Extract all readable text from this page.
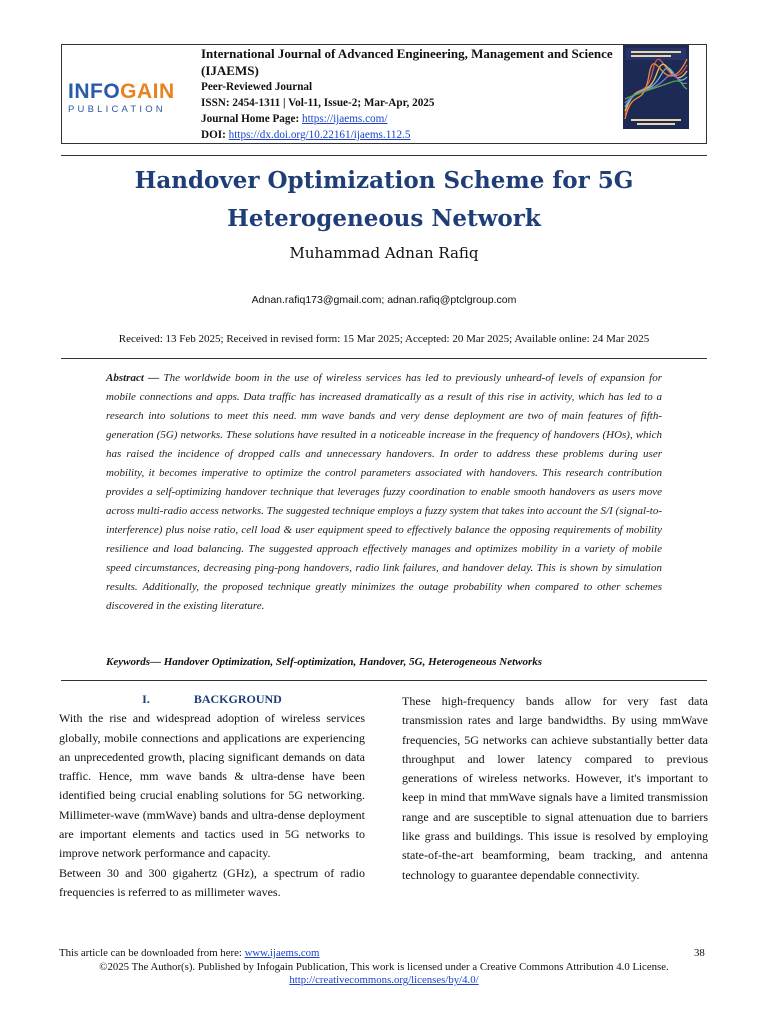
INFOGAIN
PUBLICATION
International Journal of Advanced Engineering, Management and Science (IJAEMS)
Peer-Reviewed Journal
ISSN: 2454-1311 | Vol-11, Issue-2; Mar-Apr, 2025
Journal Home Page: https://ijaems.com/
DOI: https://dx.doi.org/10.22161/ijaems.112.5
Handover Optimization Scheme for 5G Heterogeneous Network
Muhammad Adnan Rafiq
Adnan.rafiq173@gmail.com; adnan.rafiq@ptclgroup.com
Received: 13 Feb 2025; Received in revised form: 15 Mar 2025; Accepted: 20 Mar 2025; Available online: 24 Mar 2025
Abstract — The worldwide boom in the use of wireless services has led to previously unheard-of levels of expansion for mobile connections and apps. Data traffic has increased dramatically as a result of this rise in activity, which has led to a research into solutions to meet this need. mm wave bands and very dense deployment are two of main features of fifth-generation (5G) networks. These solutions have resulted in a noticeable increase in the frequency of handovers (HOs), which has raised the incidence of dropped calls and unnecessary handovers. In order to address these problems during user mobility, it becomes imperative to optimize the control parameters associated with handovers. This research contribution provides a self-optimizing handover technique that leverages fuzzy coordination to enable smooth handovers as users move across multi-radio access networks. The suggested technique employs a fuzzy system that takes into account the S/I (signal-to-interference) plus noise ratio, cell load & user equipment speed to effectively balance the opposing requirements of mobility resilience and load balancing. The suggested approach effectively manages and optimizes mobility in a variety of mobile speed circumstances, decreasing ping-pong handovers, radio link failures, and handover delay. This is shown by simulation results. Additionally, the proposed technique greatly minimizes the outage probability when compared to other schemes discovered in the existing literature.
Keywords— Handover Optimization, Self-optimization, Handover, 5G, Heterogeneous Networks
I.	BACKGROUND

With the rise and widespread adoption of wireless services globally, mobile connections and applications are experiencing an unprecedented growth, placing significant demands on data traffic. Hence, mm wave bands & ultra-dense have been identified being crucial enabling solutions for 5G networking. Millimeter-wave (mmWave) bands and ultra-dense deployment are important elements and tactics used in 5G networks to improve network performance and capacity.

Between 30 and 300 gigahertz (GHz), a spectrum of radio frequencies is referred to as millimeter waves.

These high-frequency bands allow for very fast data transmission rates and large bandwidths. By using mmWave frequencies, 5G networks can achieve substantially better data throughput and lower latency compared to previous generations of wireless networks. However, it's important to keep in mind that mmWave signals have a limited transmission range and are susceptible to signal attenuation due to barriers like grass and buildings. This issue is resolved by employing state-of-the-art beamforming, beam tracking, and antenna technology to guarantee dependable connectivity.

This article can be downloaded from here: www.ijaems.com	38
©2025 The Author(s). Published by Infogain Publication, This work is licensed under a Creative Commons Attribution 4.0 License. http://creativecommons.org/licenses/by/4.0/
